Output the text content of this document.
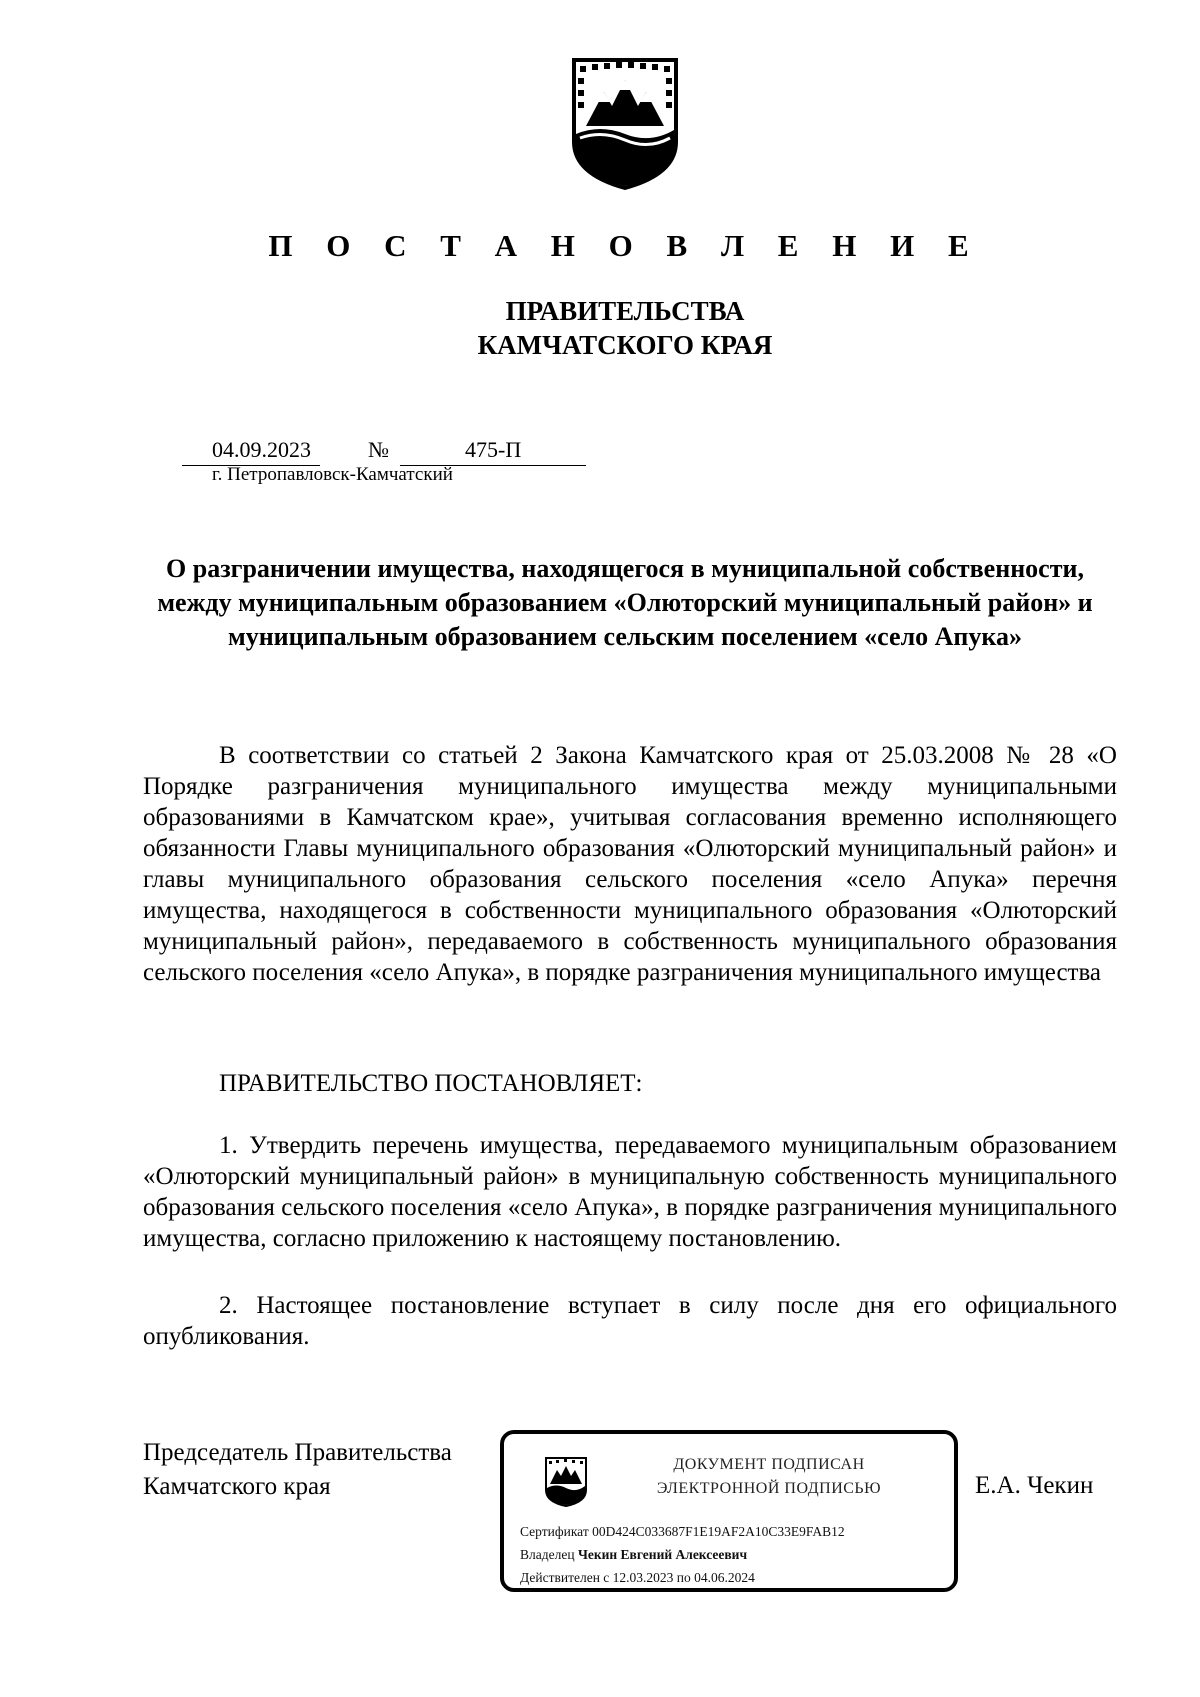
П О С Т А Н О В Л Е Н И Е
ПРАВИТЕЛЬСТВА
КАМЧАТСКОГО КРАЯ
04.09.2023	№	475-П
г. Петропавловск-Камчатский
О разграничении имущества, находящегося в муниципальной собственности, между муниципальным образованием «Олюторский муниципальный район» и муниципальным образованием сельским поселением «село Апука»
В соответствии со статьей 2 Закона Камчатского края от 25.03.2008 № 28 «О Порядке разграничения муниципального имущества между муниципальными образованиями в Камчатском крае», учитывая согласования временно исполняющего обязанности Главы муниципального образования «Олюторский муниципальный район» и главы муниципального образования сельского поселения «село Апука» перечня имущества, находящегося в собственности муниципального образования «Олюторский муниципальный район», передаваемого в собственность муниципального образования сельского поселения «село Апука», в порядке разграничения муниципального имущества
ПРАВИТЕЛЬСТВО ПОСТАНОВЛЯЕТ:
1. Утвердить перечень имущества, передаваемого муниципальным образованием «Олюторский муниципальный район» в муниципальную собственность муниципального образования сельского поселения «село Апука», в порядке разграничения муниципального имущества, согласно приложению к настоящему постановлению.
2. Настоящее постановление вступает в силу после дня его официального опубликования.
Председатель Правительства
Камчатского края	Е.А. Чекин
ДОКУМЕНТ ПОДПИСАН
ЭЛЕКТРОННОЙ ПОДПИСЬЮ
Сертификат 00D424C033687F1E19AF2A10C33E9FAB12
Владелец Чекин Евгений Алексеевич
Действителен с 12.03.2023 по 04.06.2024
